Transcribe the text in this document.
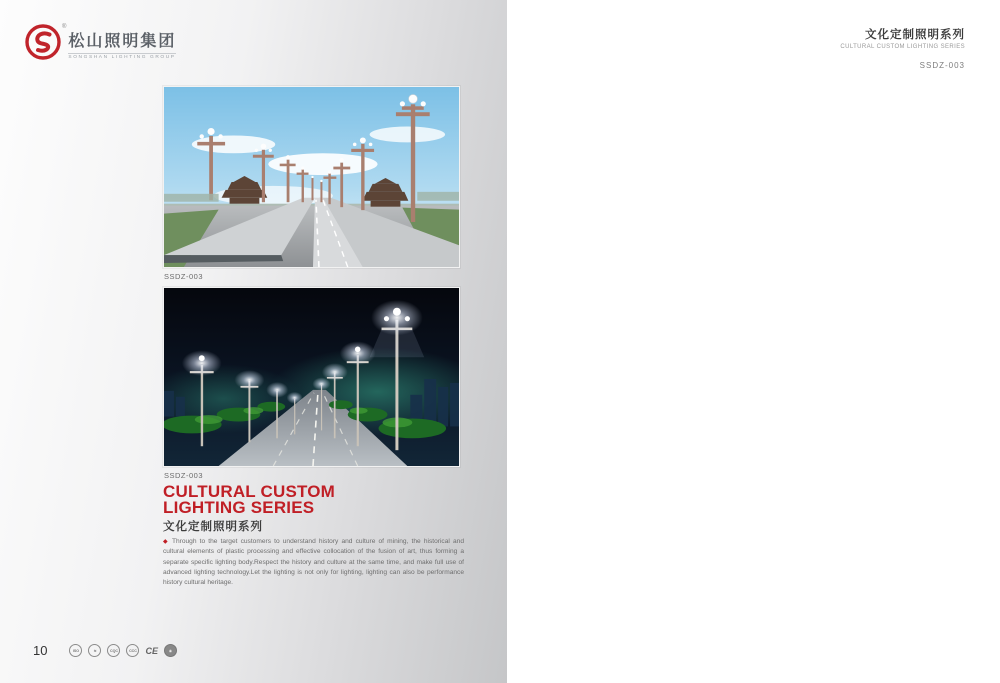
®
松山照明集团
SONGSHAN LIGHTING GROUP
SSDZ-003
SSDZ-003
CULTURAL CUSTOM
LIGHTING SERIES
文化定制照明系列
◆ Through to the target customers to understand history and culture of mining, the historical and cultural elements of plastic processing and effective collocation of the fusion of art, thus forming a separate specific lighting body.Respect the history and culture at the same time, and make full use of advanced lighting technology.Let the lighting is not only for lighting, lighting can also be performance history cultural heritage.
10	ISO	≋	CQC	CCC CE	◉
文化定制照明系列
CULTURAL CUSTOM LIGHTING SERIES
SSDZ-003
